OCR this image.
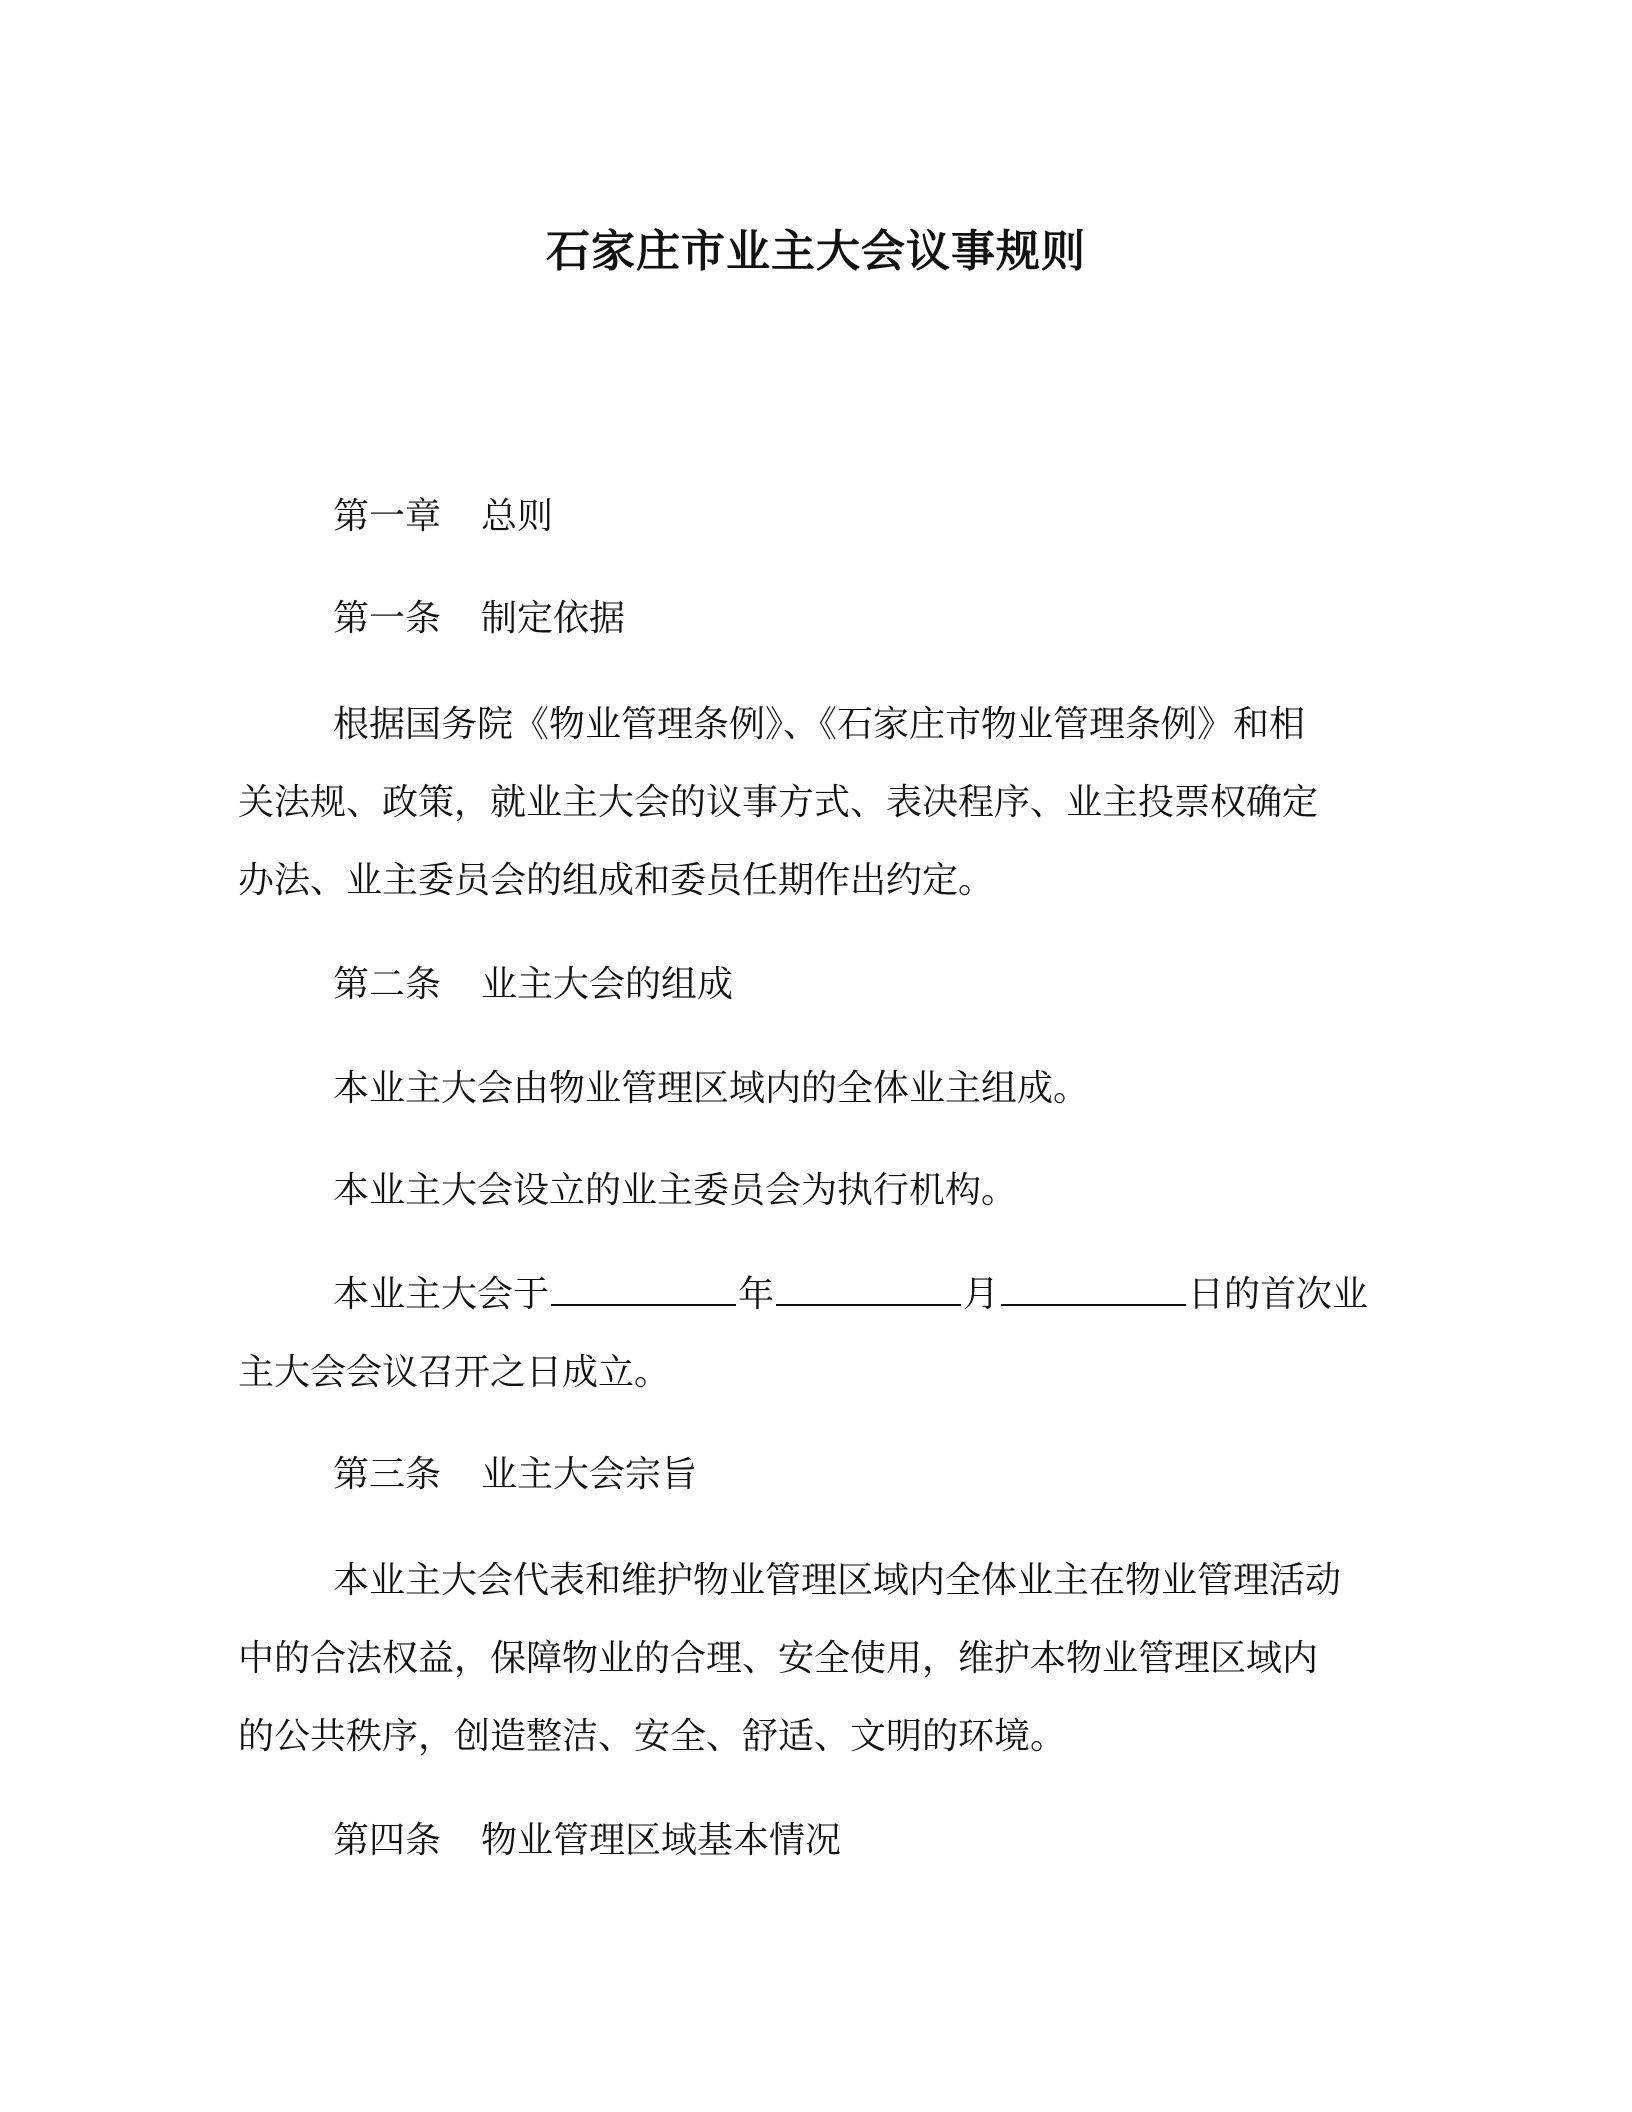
石家庄市业主大会议事规则
第一章 总则
第一条 制定依据
根据国务院《物业管理条例》、《石家庄市物业管理条例》和相
关法规、政策，就业主大会的议事方式、表决程序、业主投票权确定
办法、业主委员会的组成和委员任期作出约定。
第二条 业主大会的组成
本业主大会由物业管理区域内的全体业主组成。
本业主大会设立的业主委员会为执行机构。
本业主大会于	年	月	日的首次业
主大会会议召开之日成立。
第三条 业主大会宗旨
本业主大会代表和维护物业管理区域内全体业主在物业管理活动
中的合法权益，保障物业的合理、安全使用，维护本物业管理区域内
的公共秩序，创造整洁、安全、舒适、文明的环境。
第四条 物业管理区域基本情况
